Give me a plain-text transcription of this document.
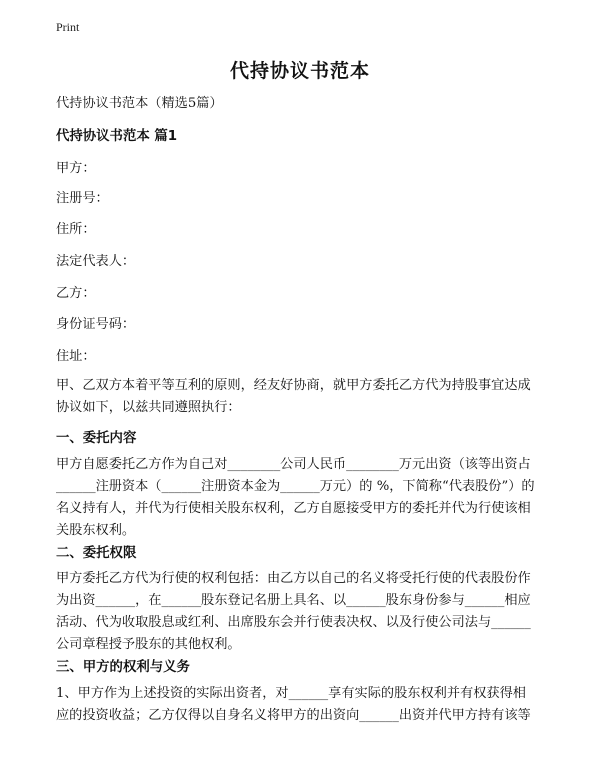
Print
代持协议书范本
代持协议书范本（精选5篇）
代持协议书范本 篇1
甲方：
注册号：
住所：
法定代表人：
乙方：
身份证号码：
住址：
甲、乙双方本着平等互利的原则，经友好协商，就甲方委托乙方代为持股事宜达成
协议如下，以兹共同遵照执行：
一、委托内容
甲方自愿委托乙方作为自己对________公司人民币________万元出资（该等出资占
______注册资本（______注册资本金为______万元）的 %，下简称“代表股份”）的
名义持有人，并代为行使相关股东权利，乙方自愿接受甲方的委托并代为行使该相
关股东权利。
二、委托权限
甲方委托乙方代为行使的权利包括：由乙方以自己的名义将受托行使的代表股份作
为出资______，在______股东登记名册上具名、以______股东身份参与______相应
活动、代为收取股息或红利、出席股东会并行使表决权、以及行使公司法与______
公司章程授予股东的其他权利。
三、甲方的权利与义务
1、甲方作为上述投资的实际出资者，对______享有实际的股东权利并有权获得相
应的投资收益；乙方仅得以自身名义将甲方的出资向______出资并代甲方持有该等
